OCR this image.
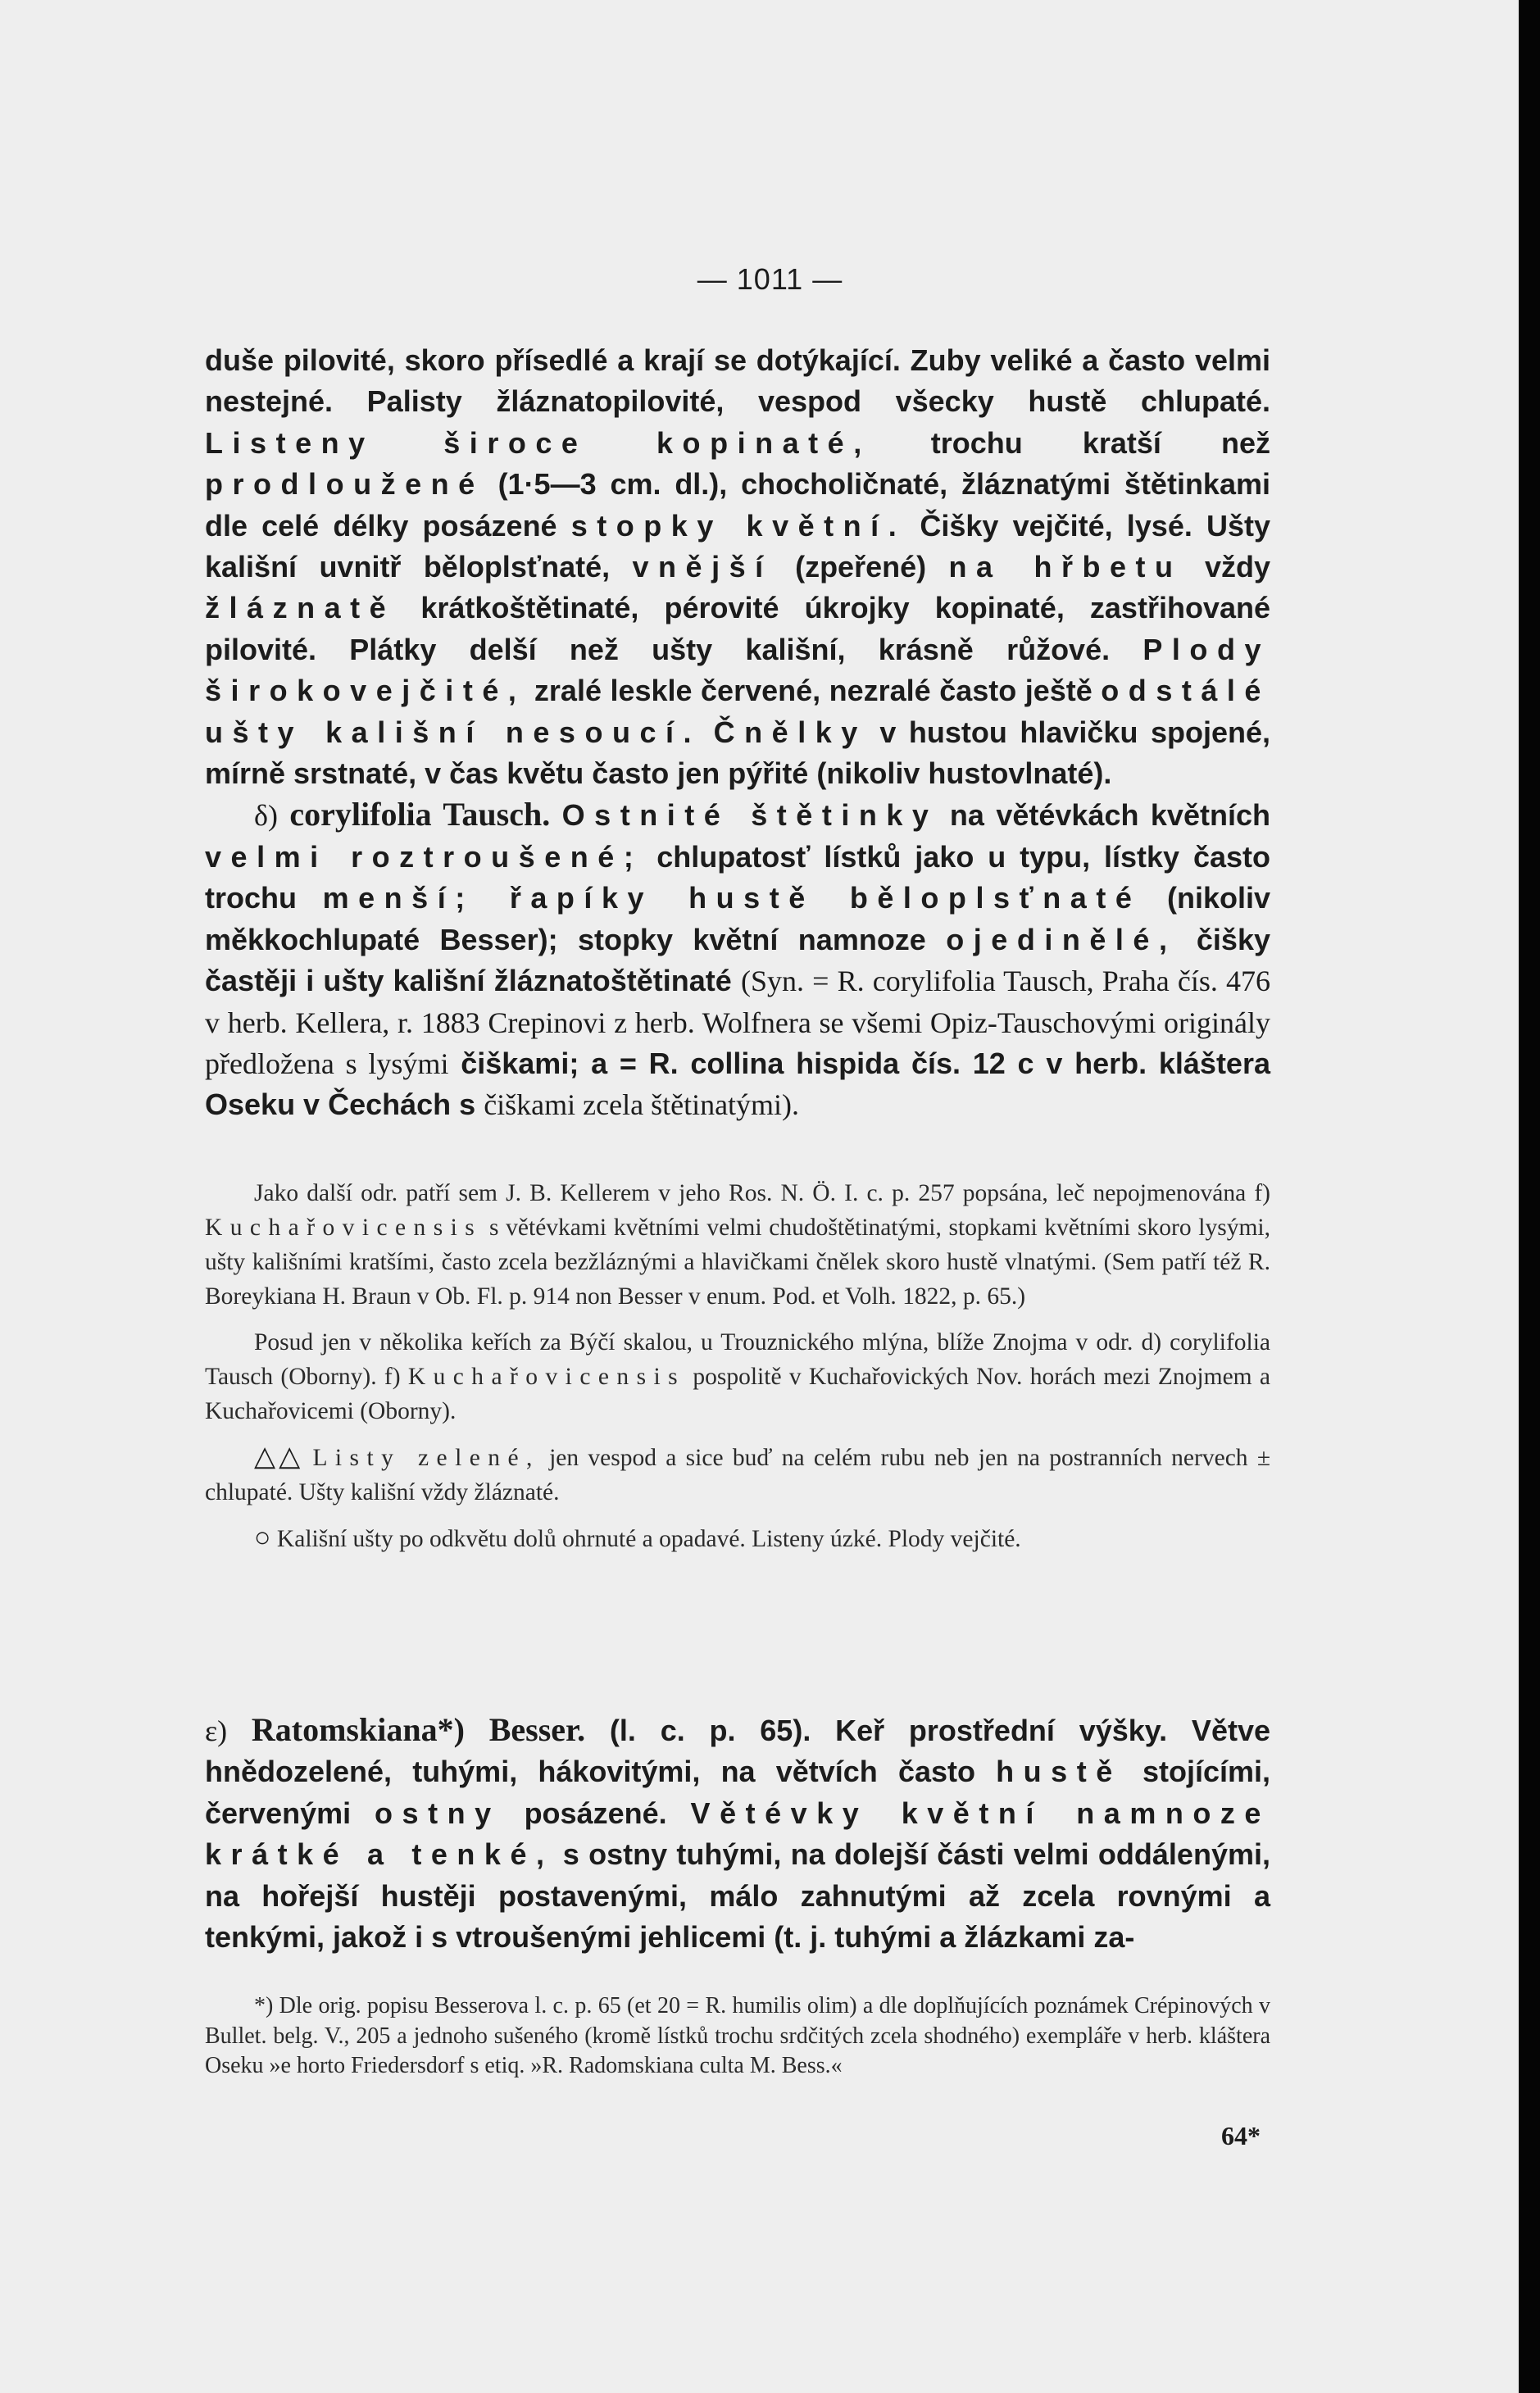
— 1011 —

duše pilovité, skoro přísedlé a krají se dotýkající. Zuby veliké a často velmi nestejné. Palisty žláznatopilovité, vespod všecky hustě chlupaté. Listeny široce kopinaté, trochu kratší než prodloužené (1·5—3 cm. dl.), chocholičnaté, žláznatými štětinkami dle celé délky posázené stopky květní. Čišky vejčité, lysé. Ušty kališní uvnitř běloplsťnaté, vnější (zpeřené) na hřbetu vždy žláznatě krátkoštětinaté, pérovité úkrojky kopinaté, zastřihované pilovité. Plátky delší než ušty kališní, krásně růžové. Plody širokovejčité, zralé leskle červené, nezralé často ještě odstálé ušty kališní nesoucí. Čnělky v hustou hlavičku spojené, mírně srstnaté, v čas květu často jen pýřité (nikoliv hustovlnaté).

δ) corylifolia Tausch. Ostnité štětinky na větévkách květních velmi roztroušené; chlupatosť lístků jako u typu, lístky často trochu menší; řapíky hustě běloplsťnaté (nikoliv měkkochlupaté Besser); stopky květní namnoze ojedinělé, čišky častěji i ušty kališní žláznatoštětinaté (Syn. = R. corylifolia Tausch, Praha čís. 476 v herb. Kellera, r. 1883 Crepinovi z herb. Wolfnera se všemi Opiz-Tauschovými originály předložena s lysými čiškami; a = R. collina hispida čís. 12 c v herb. kláštera Oseku v Čechách s čiškami zcela štětinatými).

Jako další odr. patří sem J. B. Kellerem v jeho Ros. N. Ö. I. c. p. 257 popsána, leč nepojmenována f) Kuchařovicensis s větévkami květními velmi chudoštětinatými, stopkami květními skoro lysými, ušty kališními kratšími, často zcela bezžláznými a hlavičkami čnělek skoro hustě vlnatými. (Sem patří též R. Boreykiana H. Braun v Ob. Fl. p. 914 non Besser v enum. Pod. et Volh. 1822, p. 65.)

Posud jen v několika keřích za Býčí skalou, u Trouznického mlýna, blíže Znojma v odr. d) corylifolia Tausch (Oborny). f) Kuchařovicensis pospolitě v Kuchařovických Nov. horách mezi Znojmem a Kuchařovicemi (Oborny).

△△ Listy zelené, jen vespod a sice buď na celém rubu neb jen na postranních nervech ± chlupaté. Ušty kališní vždy žláznaté.

○ Kališní ušty po odkvětu dolů ohrnuté a opadavé. Listeny úzké. Plody vejčité.

ε) Ratomskiana*) Besser. (l. c. p. 65). Keř prostřední výšky. Větve hnědozelené, tuhými, hákovitými, na větvích často hustě stojícími, červenými ostny posázené. Větévky květní namnoze krátké a tenké, s ostny tuhými, na dolejší části velmi oddálenými, na hořejší hustěji postavenými, málo zahnutými až zcela rovnými a tenkými, jakož i s vtroušenými jehlicemi (t. j. tuhými a žlázkami za-

*) Dle orig. popisu Besserova l. c. p. 65 (et 20 = R. humilis olim) a dle doplňujících poznámek Crépinových v Bullet. belg. V., 205 a jednoho sušeného (kromě lístků trochu srdčitých zcela shodného) exempláře v herb. kláštera Oseku »e horto Friedersdorf s etiq. »R. Radomskiana culta M. Bess.«

64*
